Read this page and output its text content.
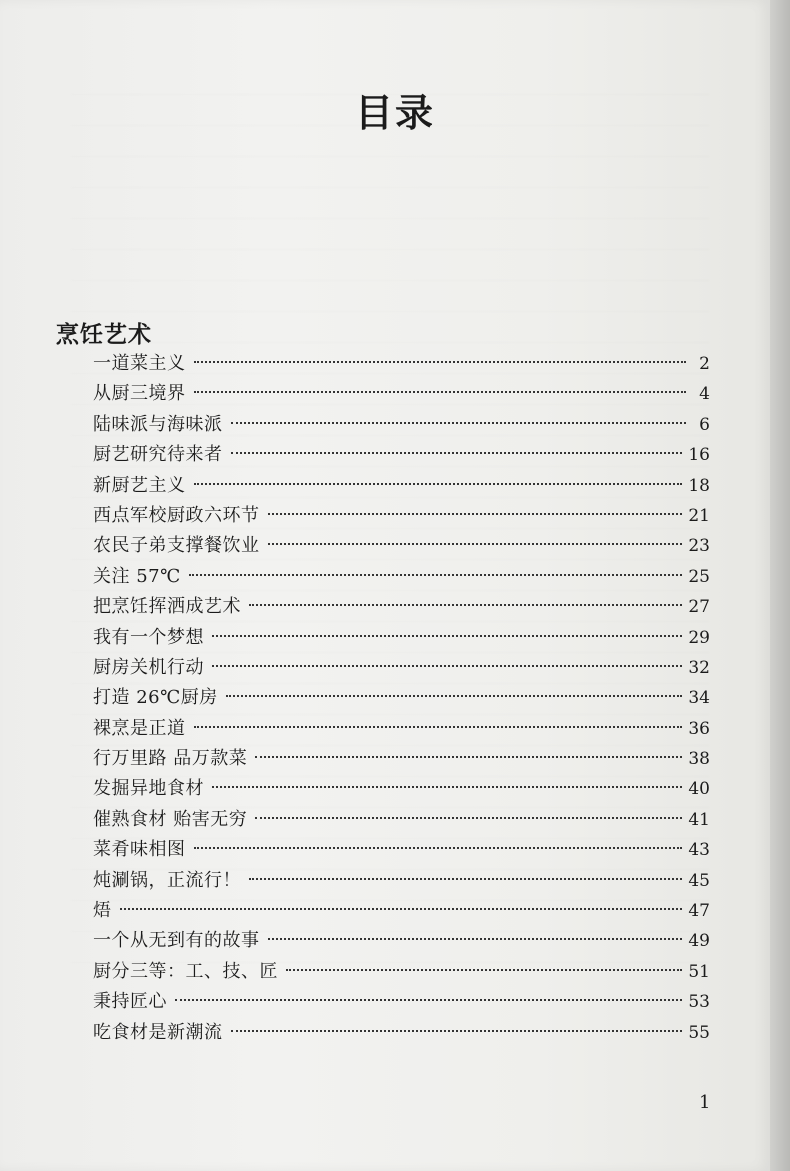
目录
烹饪艺术
一道菜主义	2
从厨三境界	4
陆味派与海味派	6
厨艺研究待来者	16
新厨艺主义	18
西点军校厨政六环节	21
农民子弟支撑餐饮业	23
关注 57℃	25
把烹饪挥洒成艺术	27
我有一个梦想	29
厨房关机行动	32
打造 26℃厨房	34
裸烹是正道	36
行万里路 品万款菜	38
发掘异地食材	40
催熟食材 贻害无穷	41
菜肴味相图	43
炖涮锅，正流行！	45
焐	47
一个从无到有的故事	49
厨分三等：工、技、匠	51
秉持匠心	53
吃食材是新潮流	55
1
